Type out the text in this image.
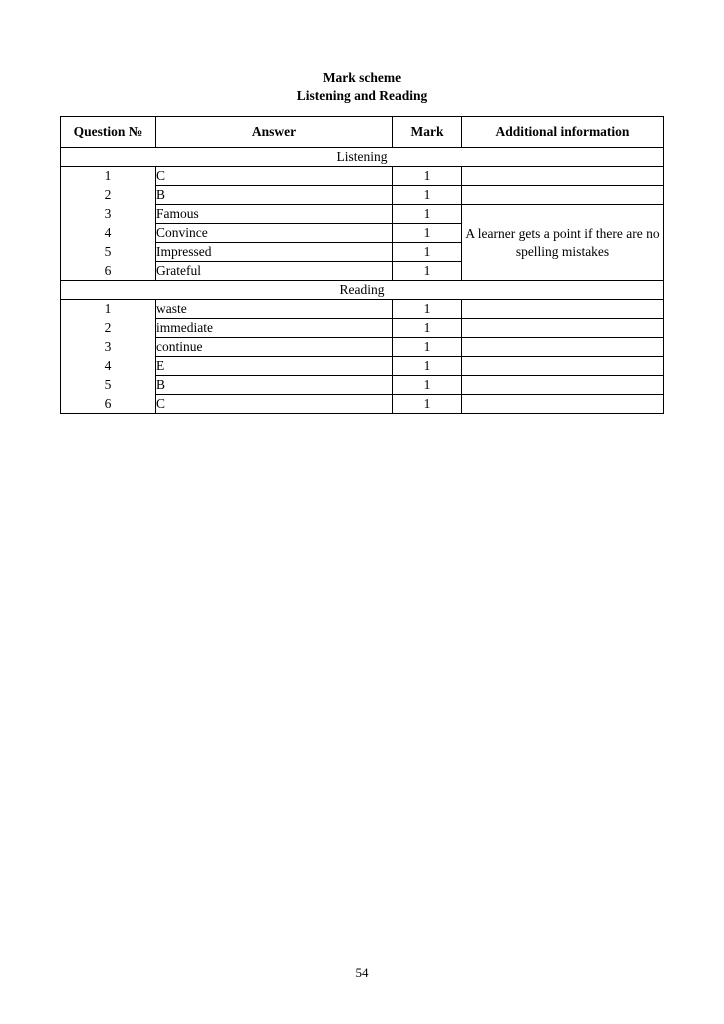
Mark scheme
Listening and Reading
Question №	Answer	Mark	Additional information
Listening			
1	C	1	
2	B	1	
3	Famous	1	A learner gets a point if there are no spelling mistakes
4	Convince	1	
5	Impressed	1	
6	Grateful	1	
Reading			
1	waste	1	
2	immediate	1	
3	continue	1	
4	E	1	
5	B	1	
6	C	1	
54
